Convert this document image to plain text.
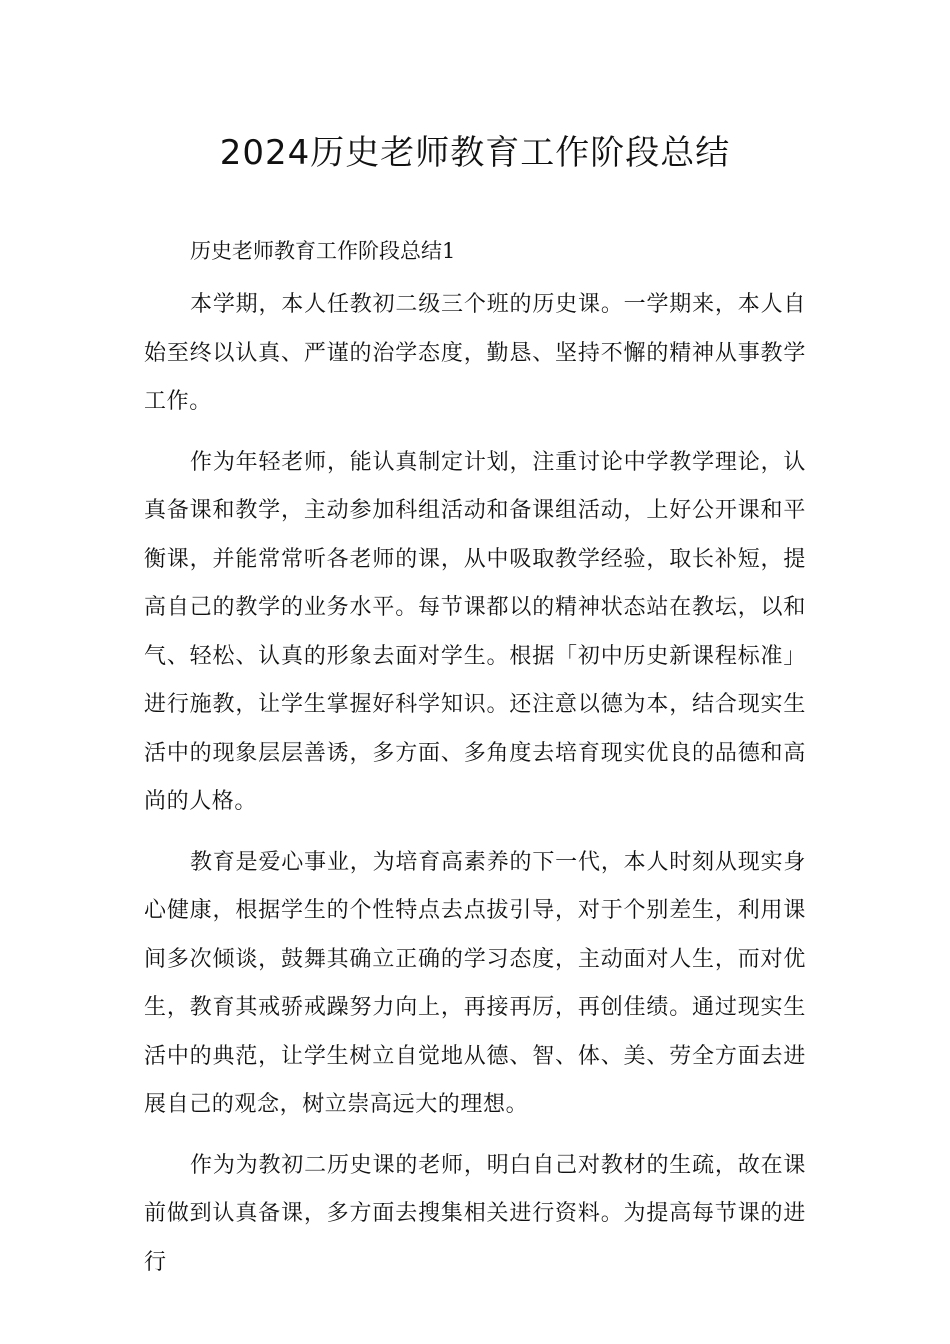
2024历史老师教育工作阶段总结

历史老师教育工作阶段总结1

本学期，本人任教初二级三个班的历史课。一学期来，本人自始至终以认真、严谨的治学态度，勤恳、坚持不懈的精神从事教学工作。

作为年轻老师，能认真制定计划，注重讨论中学教学理论，认真备课和教学，主动参加科组活动和备课组活动，上好公开课和平衡课，并能常常听各老师的课，从中吸取教学经验，取长补短，提高自己的教学的业务水平。每节课都以的精神状态站在教坛，以和气、轻松、认真的形象去面对学生。根据「初中历史新课程标准」进行施教，让学生掌握好科学知识。还注意以德为本，结合现实生活中的现象层层善诱，多方面、多角度去培育现实优良的品德和高尚的人格。

教育是爱心事业，为培育高素养的下一代，本人时刻从现实身心健康，根据学生的个性特点去点拔引导，对于个别差生，利用课间多次倾谈，鼓舞其确立正确的学习态度，主动面对人生，而对优生，教育其戒骄戒躁努力向上，再接再厉，再创佳绩。通过现实生活中的典范，让学生树立自觉地从德、智、体、美、劳全方面去进展自己的观念，树立崇高远大的理想。

作为为教初二历史课的老师，明白自己对教材的生疏，故在课前做到认真备课，多方面去搜集相关进行资料。为提高每节课的进行
